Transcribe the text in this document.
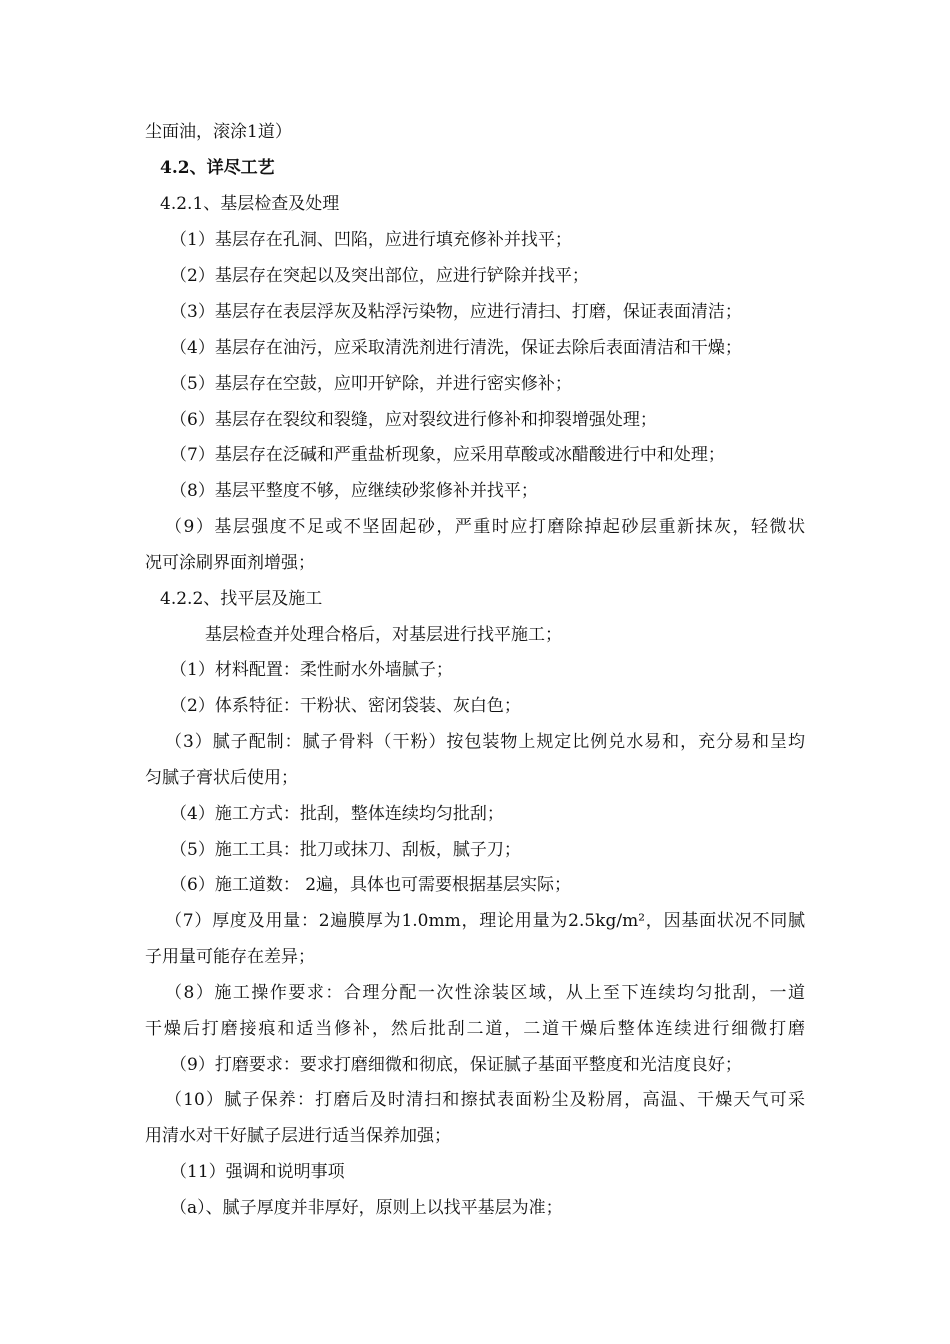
尘面油，滚涂1道）
4.2、详尽工艺
4.2.1、基层检查及处理
（1）基层存在孔洞、凹陷，应进行填充修补并找平；
（2）基层存在突起以及突出部位，应进行铲除并找平；
（3）基层存在表层浮灰及粘浮污染物，应进行清扫、打磨，保证表面清洁；
（4）基层存在油污，应采取清洗剂进行清洗，保证去除后表面清洁和干燥；
（5）基层存在空鼓，应叩开铲除，并进行密实修补；
（6）基层存在裂纹和裂缝，应对裂纹进行修补和抑裂增强处理；
（7）基层存在泛碱和严重盐析现象，应采用草酸或冰醋酸进行中和处理；
（8）基层平整度不够，应继续砂浆修补并找平；
（9）基层强度不足或不坚固起砂，严重时应打磨除掉起砂层重新抹灰，轻微状
况可涂刷界面剂增强；
4.2.2、找平层及施工
基层检查并处理合格后，对基层进行找平施工；
（1）材料配置：柔性耐水外墙腻子；
（2）体系特征：干粉状、密闭袋装、灰白色；
（3）腻子配制：腻子骨料（干粉）按包装物上规定比例兑水易和，充分易和呈均
匀腻子膏状后使用；
（4）施工方式：批刮，整体连续均匀批刮；
（5）施工工具：批刀或抹刀、刮板，腻子刀；
（6）施工道数： 2遍，具体也可需要根据基层实际；
（7）厚度及用量：2遍膜厚为1.0mm，理论用量为2.5kg/m²，因基面状况不同腻
子用量可能存在差异；
（8）施工操作要求：合理分配一次性涂装区域，从上至下连续均匀批刮，一道
干燥后打磨接痕和适当修补，然后批刮二道，二道干燥后整体连续进行细微打磨
（9）打磨要求：要求打磨细微和彻底，保证腻子基面平整度和光洁度良好；
（10）腻子保养：打磨后及时清扫和擦拭表面粉尘及粉屑，高温、干燥天气可采
用清水对干好腻子层进行适当保养加强；
（11）强调和说明事项
（a）、腻子厚度并非厚好，原则上以找平基层为准；
